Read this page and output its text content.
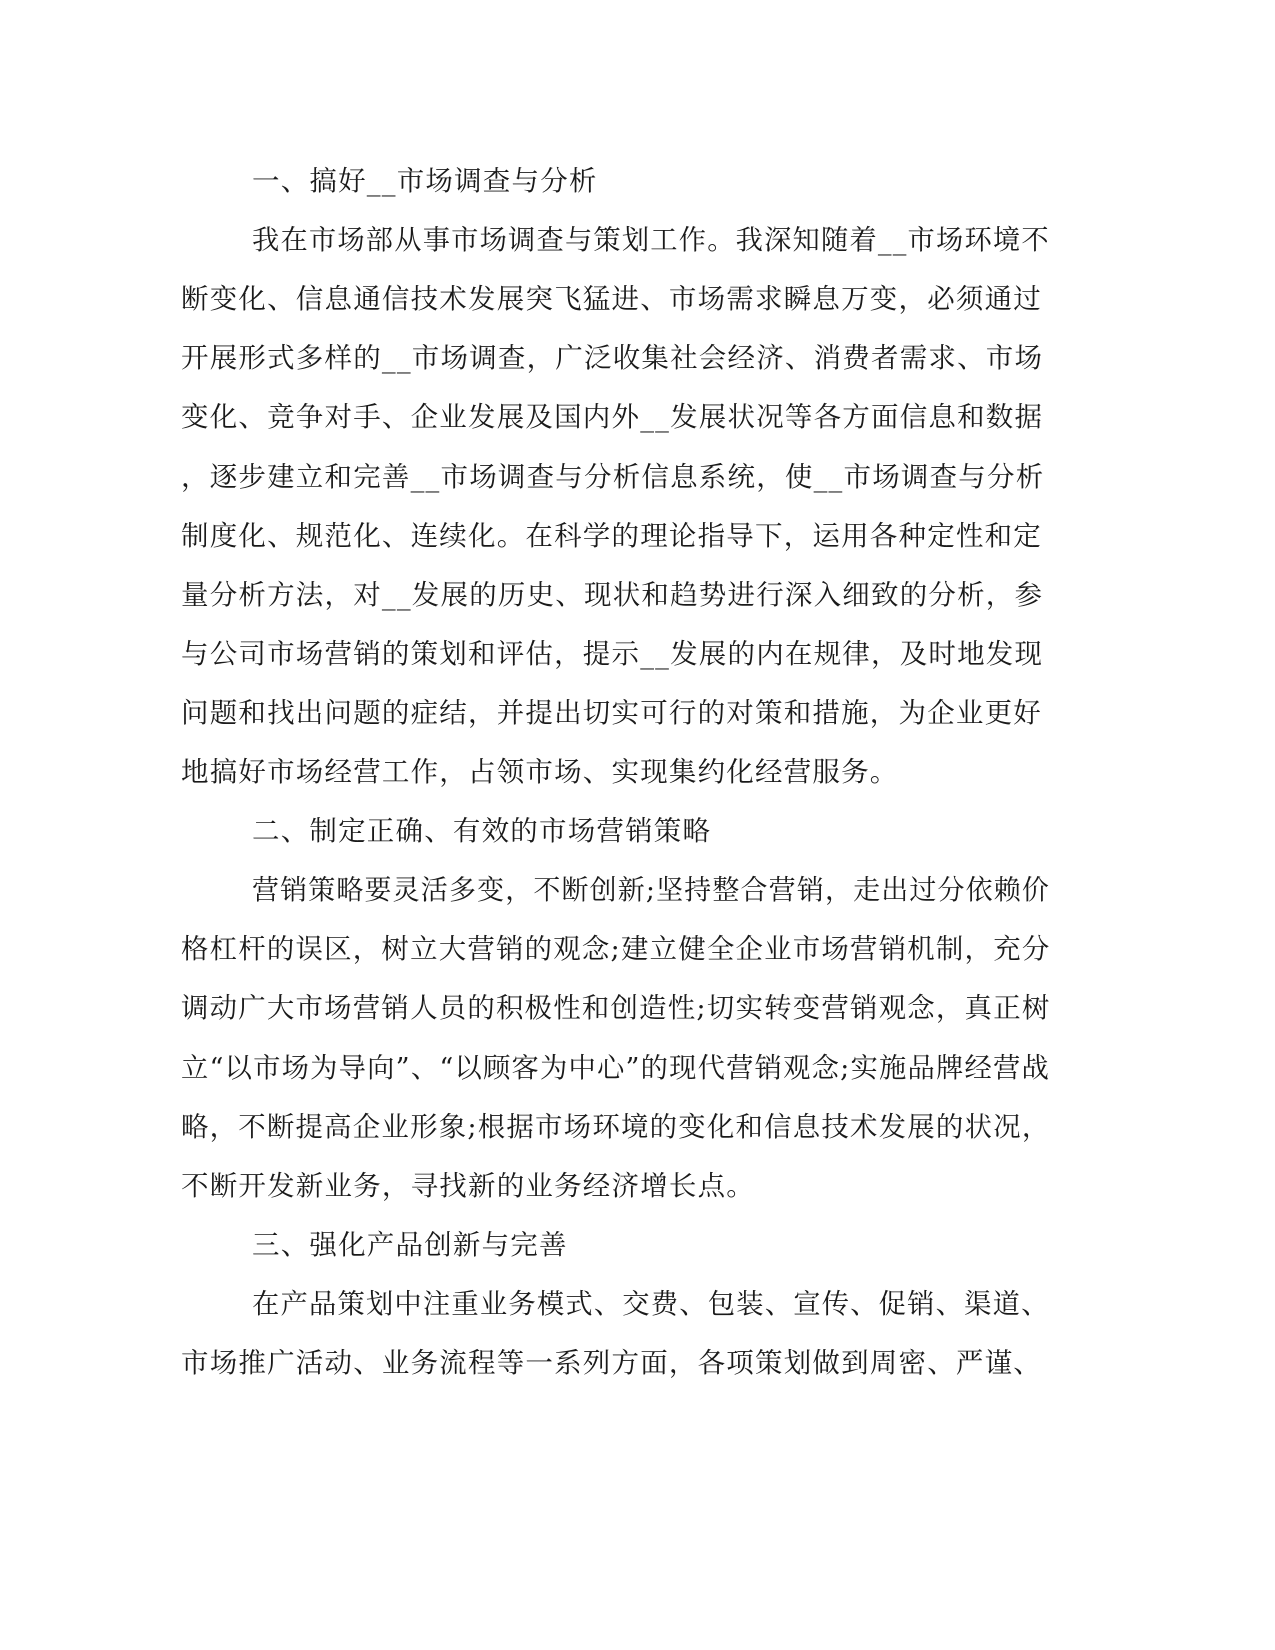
一、搞好__市场调查与分析
我在市场部从事市场调查与策划工作。我深知随着__市场环境不
断变化、信息通信技术发展突飞猛进、市场需求瞬息万变，必须通过
开展形式多样的__市场调查，广泛收集社会经济、消费者需求、市场
变化、竞争对手、企业发展及国内外__发展状况等各方面信息和数据
，逐步建立和完善__市场调查与分析信息系统，使__市场调查与分析
制度化、规范化、连续化。在科学的理论指导下，运用各种定性和定
量分析方法，对__发展的历史、现状和趋势进行深入细致的分析，参
与公司市场营销的策划和评估，提示__发展的内在规律，及时地发现
问题和找出问题的症结，并提出切实可行的对策和措施，为企业更好
地搞好市场经营工作，占领市场、实现集约化经营服务。
二、制定正确、有效的市场营销策略
营销策略要灵活多变，不断创新;坚持整合营销，走出过分依赖价
格杠杆的误区，树立大营销的观念;建立健全企业市场营销机制，充分
调动广大市场营销人员的积极性和创造性;切实转变营销观念，真正树
立“以市场为导向”、“以顾客为中心”的现代营销观念;实施品牌经营战
略，不断提高企业形象;根据市场环境的变化和信息技术发展的状况，
不断开发新业务，寻找新的业务经济增长点。
三、强化产品创新与完善
在产品策划中注重业务模式、交费、包装、宣传、促销、渠道、
市场推广活动、业务流程等一系列方面，各项策划做到周密、严谨、
